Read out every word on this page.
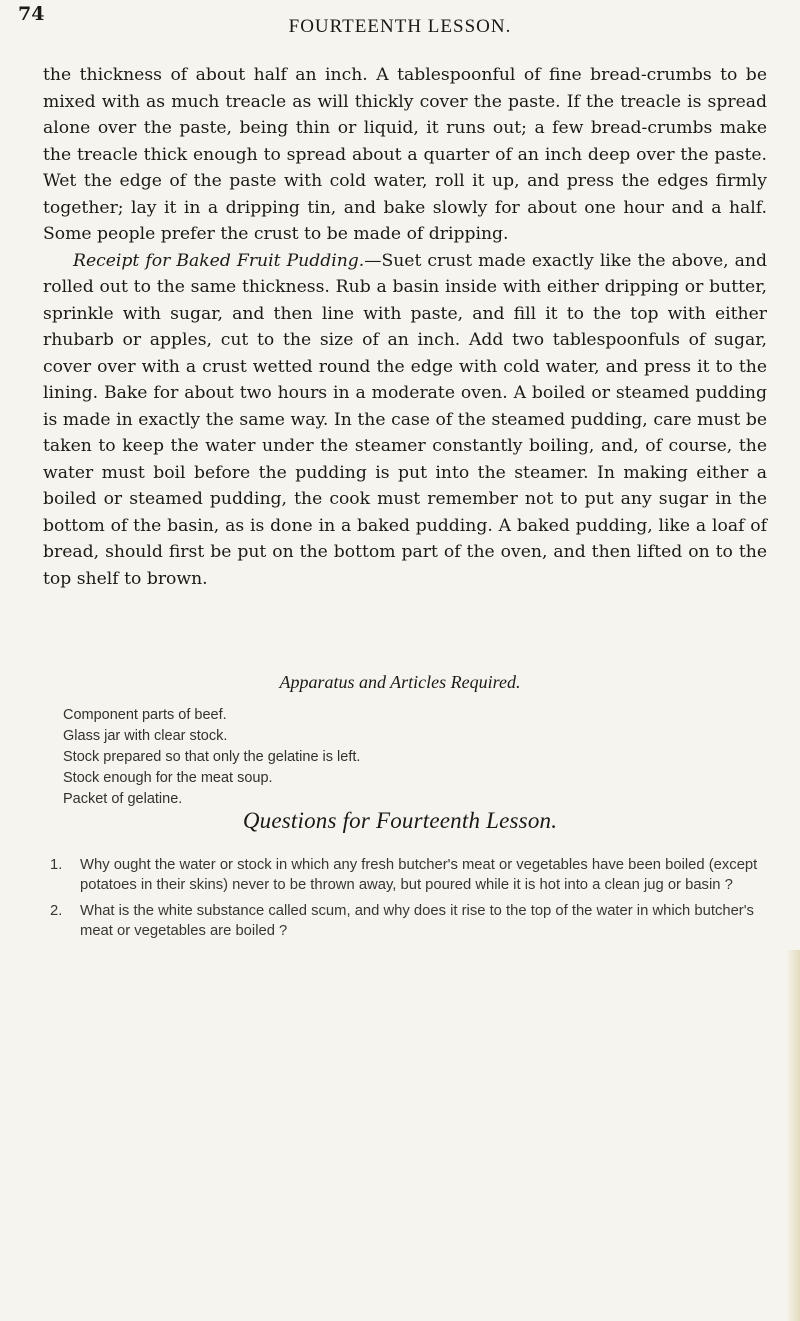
74
FOURTEENTH LESSON.

the thickness of about half an inch. A tablespoonful of fine bread-crumbs to be mixed with as much treacle as will thickly cover the paste. If the treacle is spread alone over the paste, being thin or liquid, it runs out; a few bread-crumbs make the treacle thick enough to spread about a quarter of an inch deep over the paste. Wet the edge of the paste with cold water, roll it up, and press the edges firmly together; lay it in a dripping tin, and bake slowly for about one hour and a half. Some people prefer the crust to be made of dripping.

Receipt for Baked Fruit Pudding.—Suet crust made exactly like the above, and rolled out to the same thickness. Rub a basin inside with either dripping or butter, sprinkle with sugar, and then line with paste, and fill it to the top with either rhubarb or apples, cut to the size of an inch. Add two tablespoonfuls of sugar, cover over with a crust wetted round the edge with cold water, and press it to the lining. Bake for about two hours in a moderate oven. A boiled or steamed pudding is made in exactly the same way. In the case of the steamed pudding, care must be taken to keep the water under the steamer constantly boiling, and, of course, the water must boil before the pudding is put into the steamer. In making either a boiled or steamed pudding, the cook must remember not to put any sugar in the bottom of the basin, as is done in a baked pudding. A baked pudding, like a loaf of bread, should first be put on the bottom part of the oven, and then lifted on to the top shelf to brown.

Apparatus and Articles Required.
Component parts of beef.
Glass jar with clear stock.
Stock prepared so that only the gelatine is left.
Stock enough for the meat soup.
Packet of gelatine.
Questions for Fourteenth Lesson.
1. Why ought the water or stock in which any fresh butcher's meat or vegetables have been boiled (except potatoes in their skins) never to be thrown away, but poured while it is hot into a clean jug or basin ?
2. What is the white substance called scum, and why does it rise to the top of the water in which butcher's meat or vegetables are boiled ?
